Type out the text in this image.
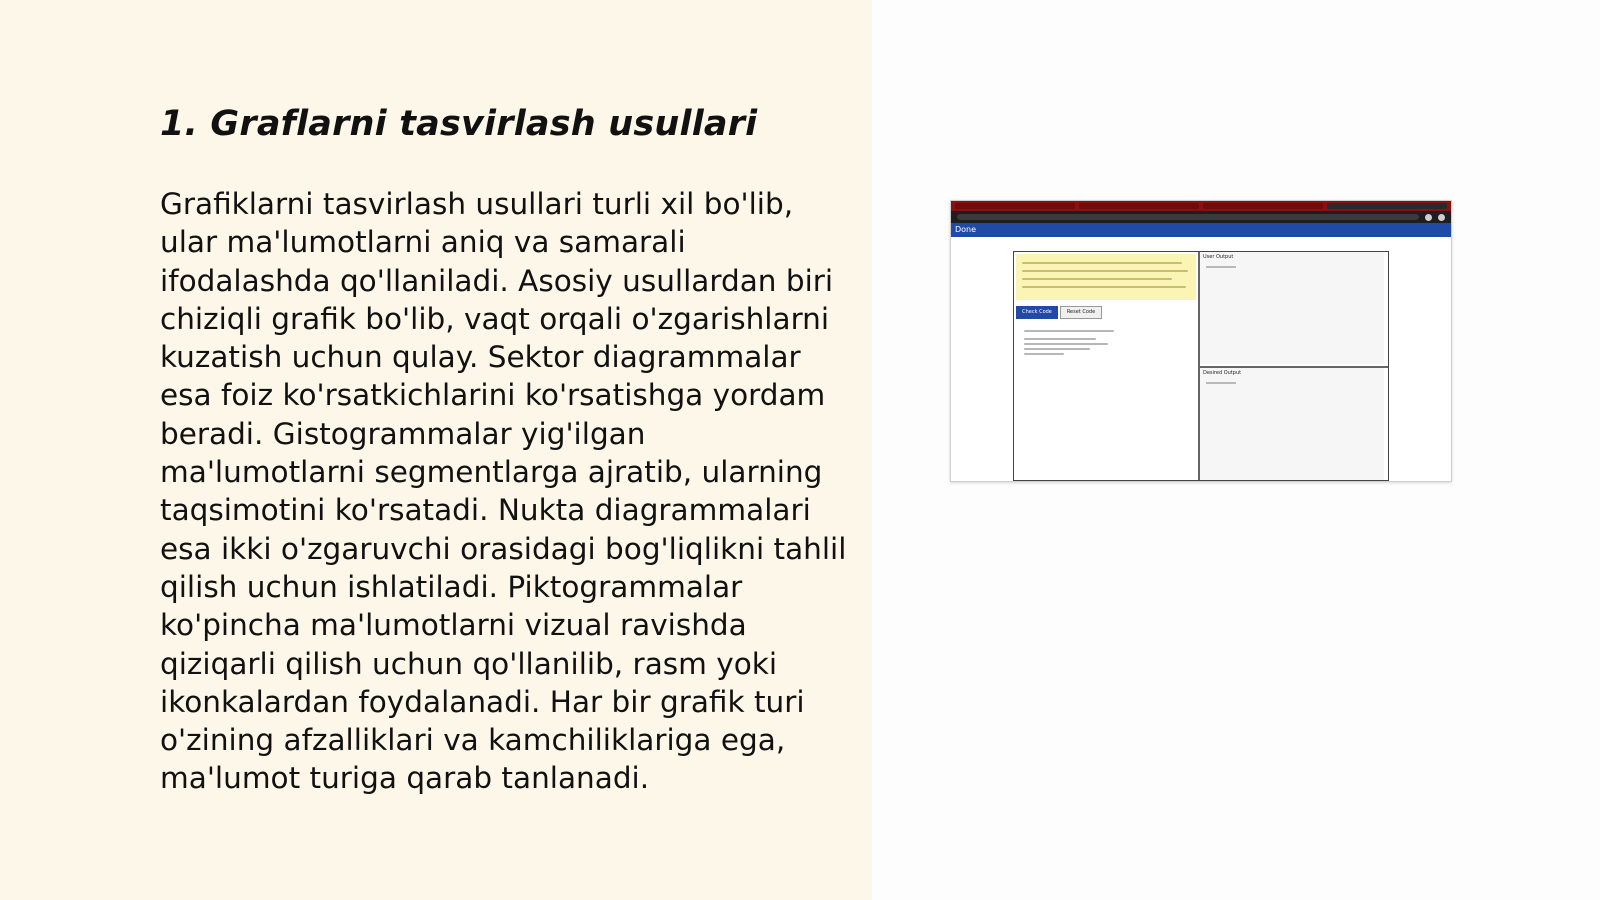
1. Graflarni tasvirlash usullari

Grafiklarni tasvirlash usullari turli xil bo'lib, ular ma'lumotlarni aniq va samarali ifodalashda qo'llaniladi. Asosiy usullardan biri chiziqli grafik bo'lib, vaqt orqali o'zgarishlarni kuzatish uchun qulay. Sektor diagrammalar esa foiz ko'rsatkichlarini ko'rsatishga yordam beradi. Gistogrammalar yig'ilgan ma'lumotlarni segmentlarga ajratib, ularning taqsimotini ko'rsatadi. Nukta diagrammalari esa ikki o'zgaruvchi orasidagi bog'liqlikni tahlil qilish uchun ishlatiladi. Piktogrammalar ko'pincha ma'lumotlarni vizual ravishda qiziqarli qilish uchun qo'llanilib, rasm yoki ikonkalardan foydalanadi. Har bir grafik turi o'zining afzalliklari va kamchiliklariga ega, ma'lumot turiga qarab tanlanadi.

Done
Check Code	Reset Code
User Output
Desired Output
